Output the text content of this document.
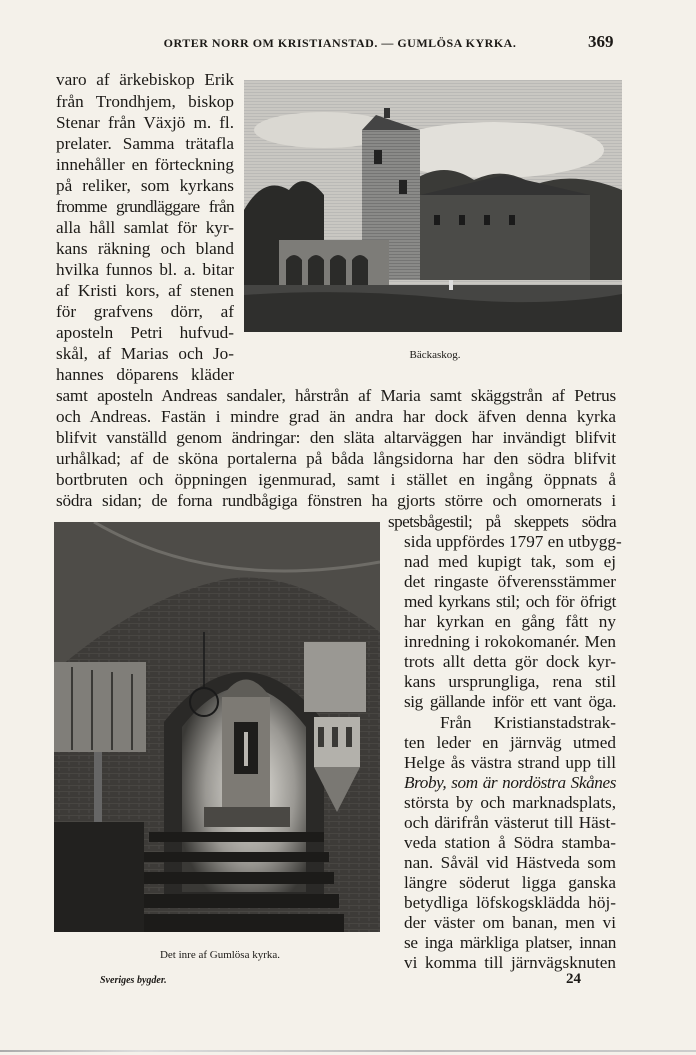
ORTER NORR OM KRISTIANSTAD. — GUMLÖSA KYRKA.	369
Bäckaskog.
varo af ärkebiskop Erik
från Trondhjem, biskop
Stenar från Växjö m. fl.
prelater. Samma trätafla
innehåller en förteckning
på reliker, som kyrkans
fromme grundläggare från
alla håll samlat för kyr-
kans räkning och bland
hvilka funnos bl. a. bitar
af Kristi kors, af stenen
för grafvens dörr, af
aposteln Petri hufvud-
skål, af Marias och Jo-
hannes döparens kläder
samt aposteln Andreas sandaler, hårstrån af Maria samt skäggstrån af Petrus
och Andreas. Fastän i mindre grad än andra har dock äfven denna kyrka
blifvit vanställd genom ändringar: den släta altarväggen har invändigt blifvit
urhålkad; af de sköna portalerna på båda långsidorna har den södra blifvit
bortbruten och öppningen igenmurad, samt i stället en ingång öppnats å
södra sidan; de forna rundbågiga fönstren ha gjorts större och omornerats i
Det inre af Gumlösa kyrka.
spetsbågestil; på skeppets södra
sida uppfördes 1797 en utbygg-
nad med kupigt tak, som ej
det ringaste öfverensstämmer
med kyrkans stil; och för öfrigt
har kyrkan en gång fått ny
inredning i rokokomanér. Men
trots allt detta gör dock kyr-
kans ursprungliga, rena stil
sig gällande inför ett vant öga.
Från Kristianstadstrak-
ten leder en järnväg utmed
Helge ås västra strand upp till
Broby, som är nordöstra Skånes
största by och marknadsplats,
och därifrån västerut till Häst-
veda station å Södra stamba-
nan. Såväl vid Hästveda som
längre söderut ligga ganska
betydliga löfskogsklädda höj-
der väster om banan, men vi
se inga märkliga platser, innan
vi komma till järnvägsknuten
Sveriges bygder.	24
